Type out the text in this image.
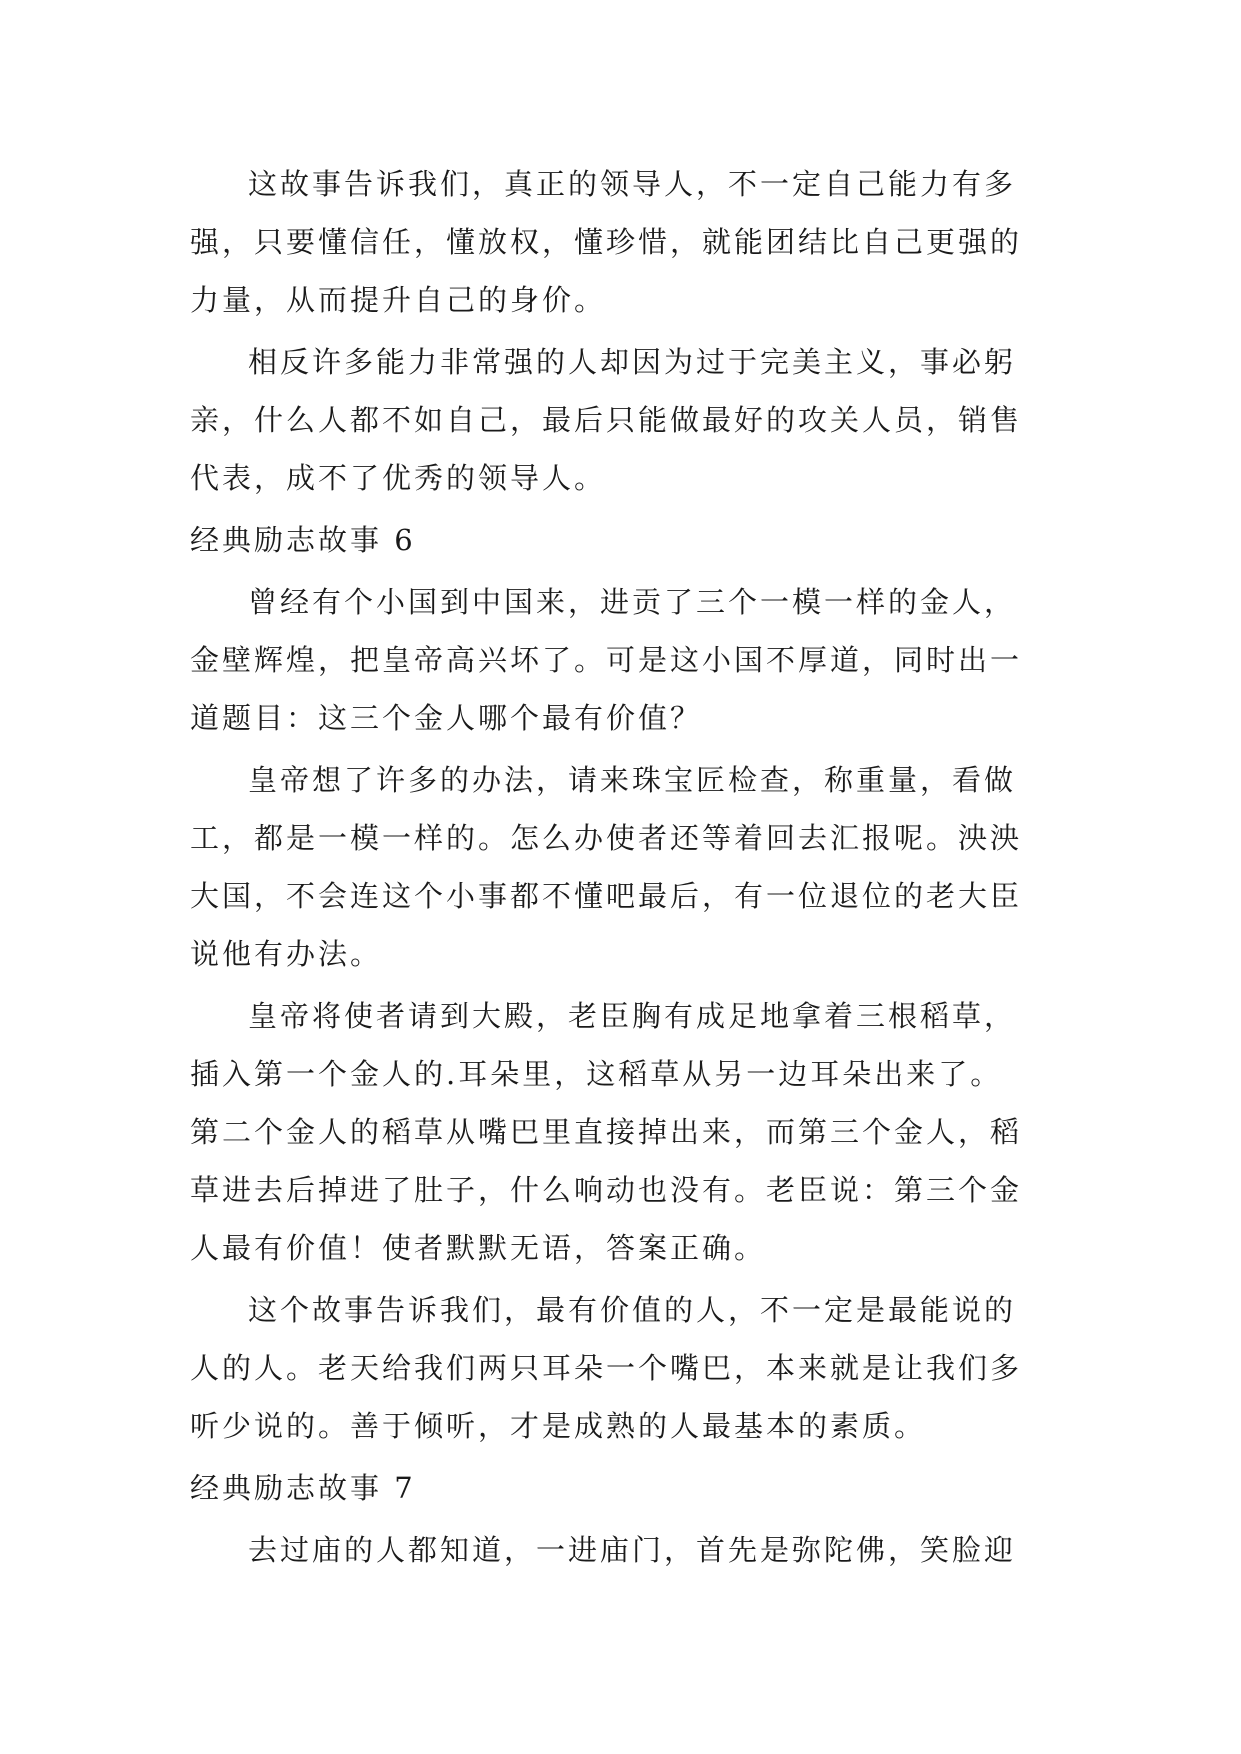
这故事告诉我们，真正的领导人，不一定自己能力有多
强，只要懂信任，懂放权，懂珍惜，就能团结比自己更强的
力量，从而提升自己的身价。

相反许多能力非常强的人却因为过于完美主义，事必躬
亲，什么人都不如自己，最后只能做最好的攻关人员，销售
代表，成不了优秀的领导人。

经典励志故事 6

曾经有个小国到中国来，进贡了三个一模一样的金人，
金壁辉煌，把皇帝高兴坏了。可是这小国不厚道，同时出一
道题目：这三个金人哪个最有价值？

皇帝想了许多的办法，请来珠宝匠检查，称重量，看做
工，都是一模一样的。怎么办使者还等着回去汇报呢。泱泱
大国，不会连这个小事都不懂吧最后，有一位退位的老大臣
说他有办法。

皇帝将使者请到大殿，老臣胸有成足地拿着三根稻草，
插入第一个金人的.耳朵里，这稻草从另一边耳朵出来了。
第二个金人的稻草从嘴巴里直接掉出来，而第三个金人，稻
草进去后掉进了肚子，什么响动也没有。老臣说：第三个金
人最有价值！使者默默无语，答案正确。

这个故事告诉我们，最有价值的人，不一定是最能说的
人的人。老天给我们两只耳朵一个嘴巴，本来就是让我们多
听少说的。善于倾听，才是成熟的人最基本的素质。

经典励志故事 7

去过庙的人都知道，一进庙门，首先是弥陀佛，笑脸迎
